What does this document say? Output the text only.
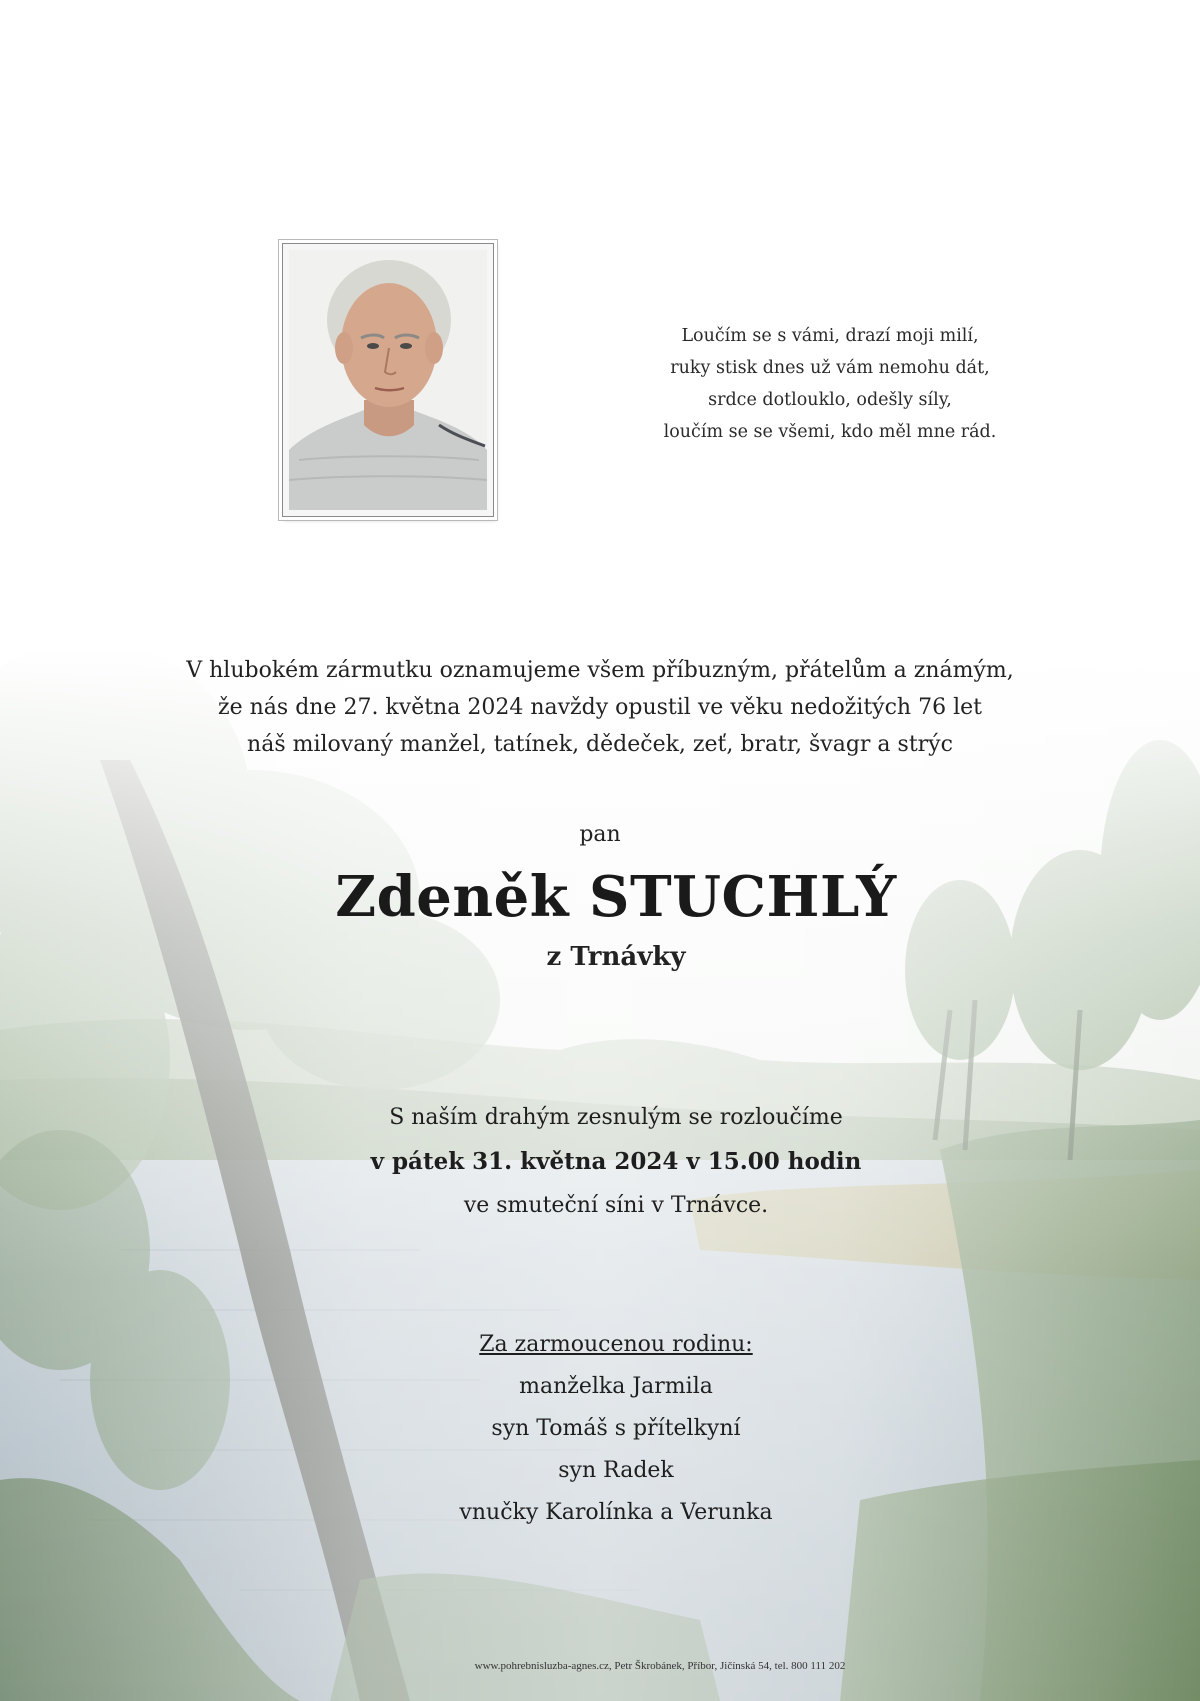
Loučím se s vámi, drazí moji milí,
ruky stisk dnes už vám nemohu dát,
srdce dotlouklo, odešly síly,
loučím se se všemi, kdo měl mne rád.
V hlubokém zármutku oznamujeme všem příbuzným, přátelům a známým,
že nás dne 27. května 2024 navždy opustil ve věku nedožitých 76 let
náš milovaný manžel, tatínek, dědeček, zeť, bratr, švagr a strýc
pan
Zdeněk STUCHLÝ
z Trnávky
S naším drahým zesnulým se rozloučíme
v pátek 31. května 2024 v 15.00 hodin
ve smuteční síni v Trnávce.
Za zarmoucenou rodinu:
manželka Jarmila
syn Tomáš s přítelkyní
syn Radek
vnučky Karolínka a Verunka
www.pohrebnisluzba-agnes.cz, Petr Škrobánek, Příbor, Jičínská 54, tel. 800 111 202
